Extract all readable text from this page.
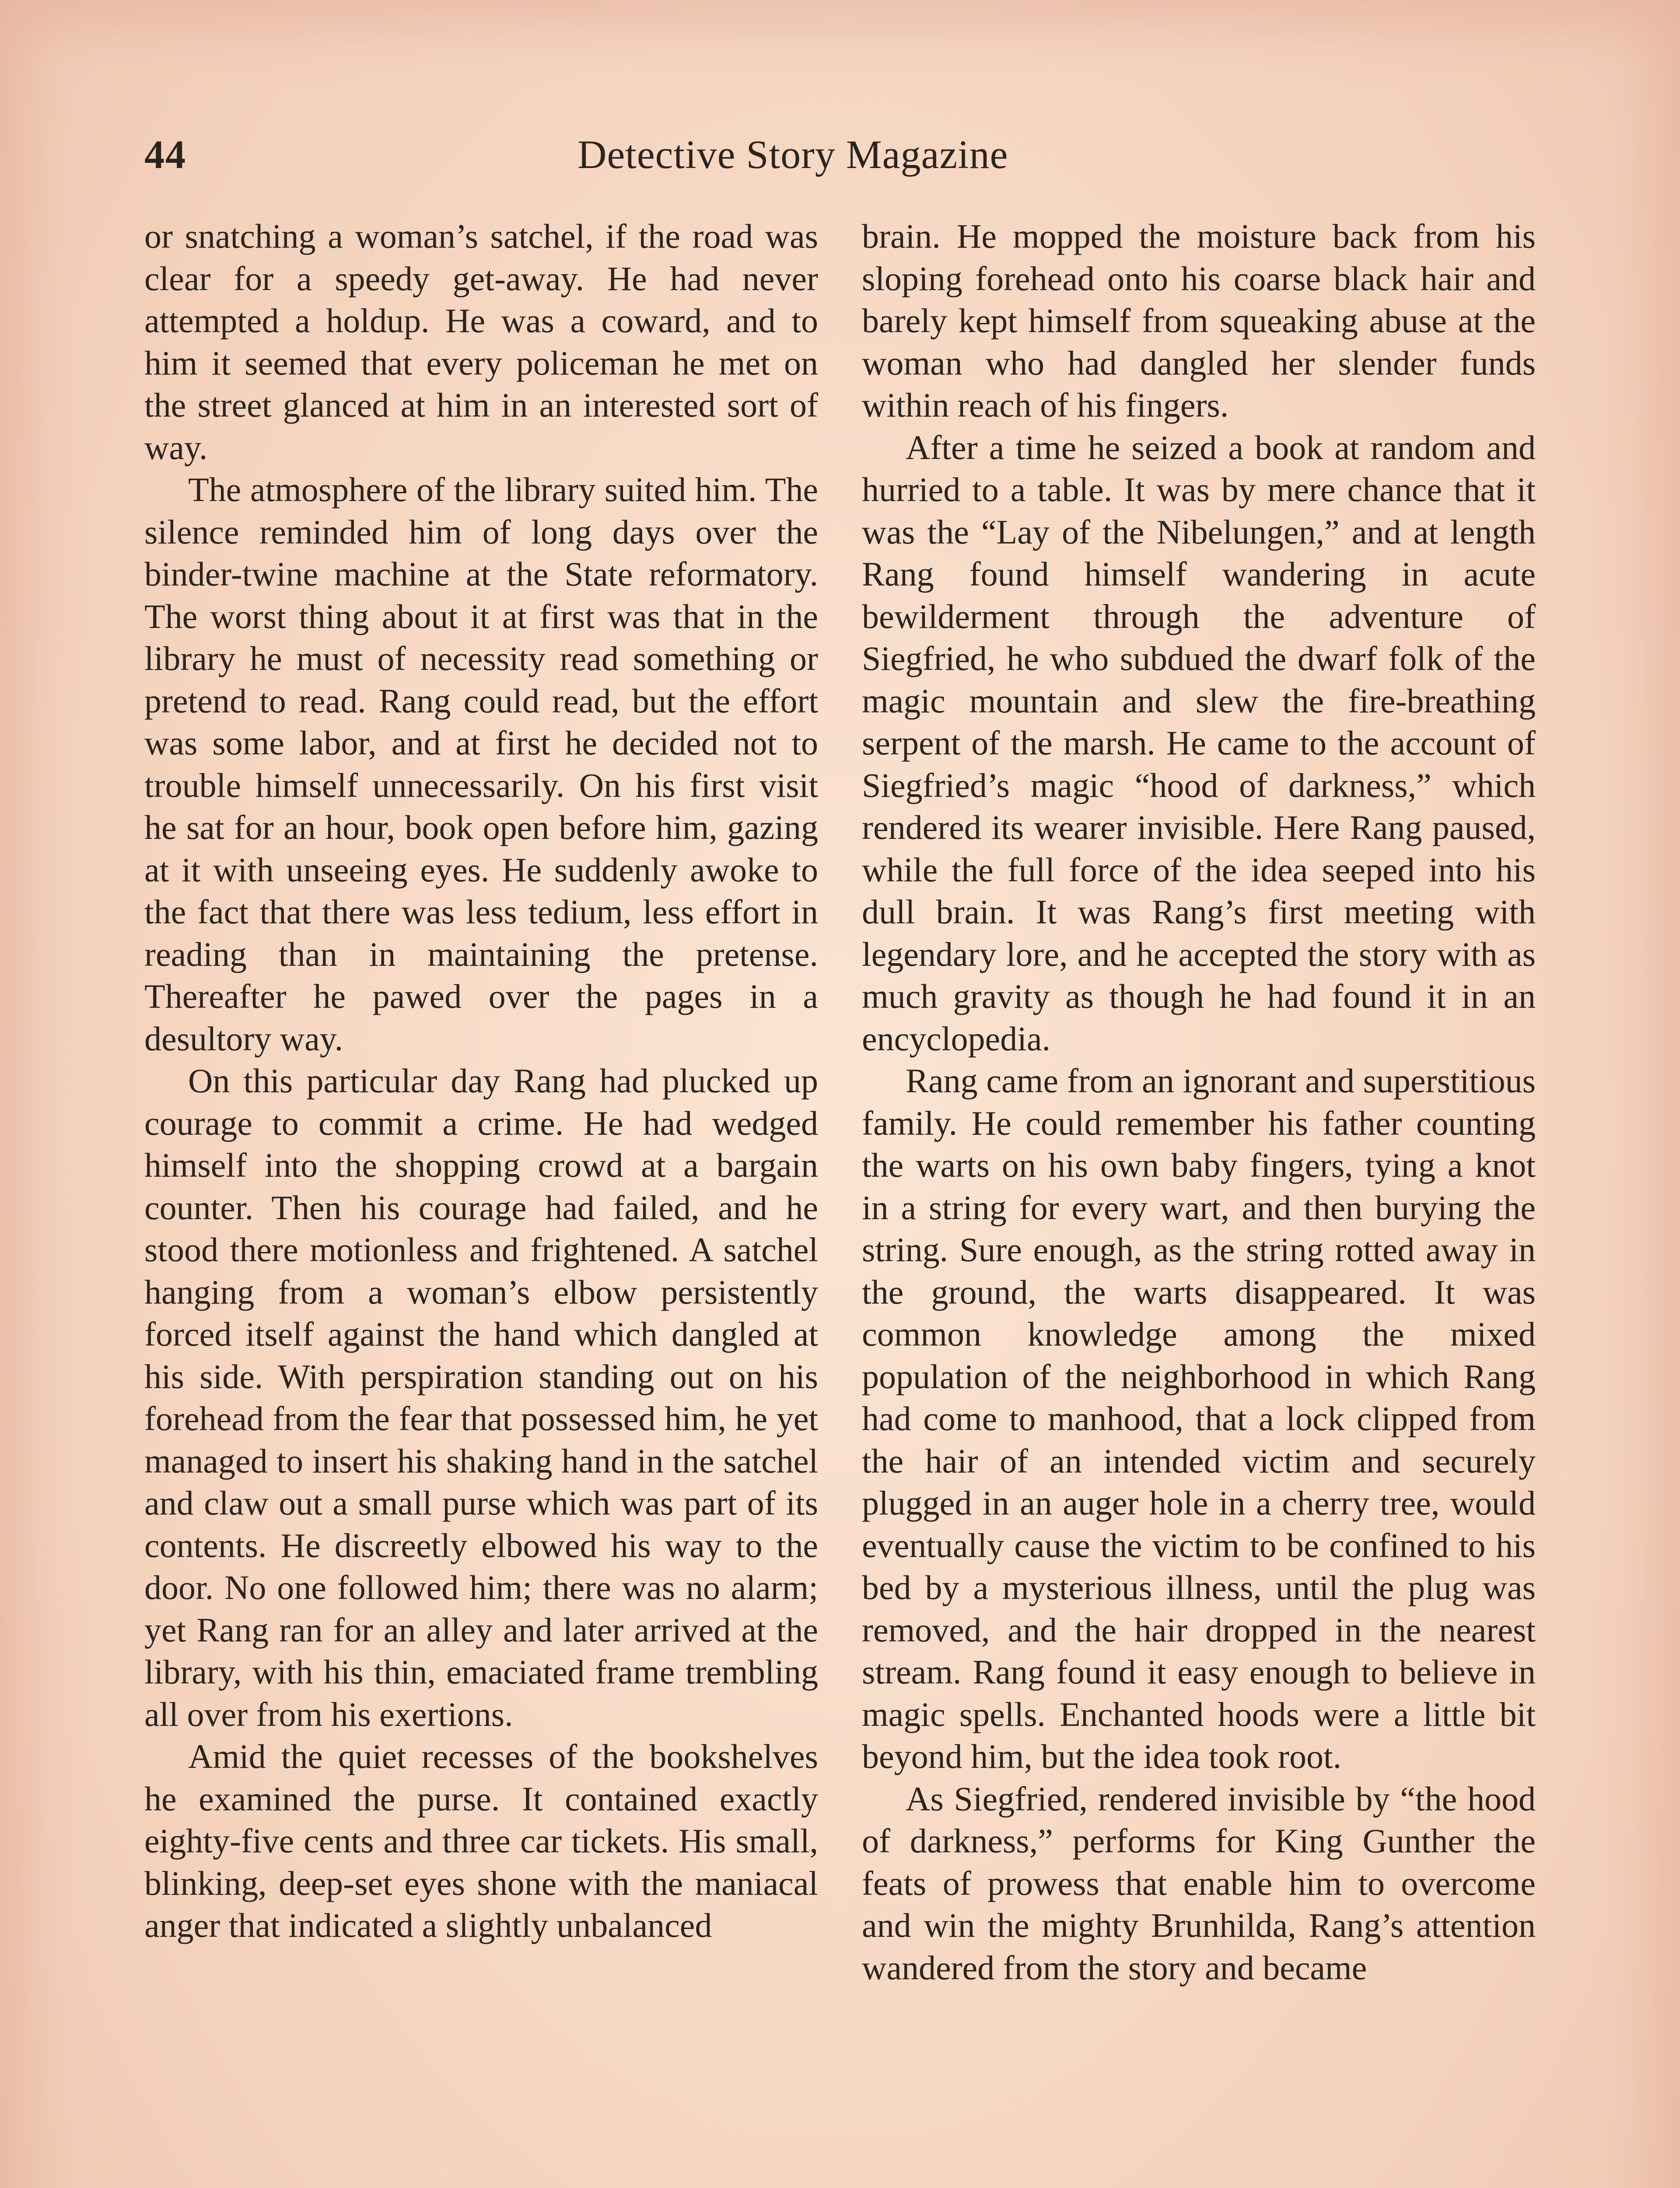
44	Detective Story Magazine

or snatching a woman’s satchel, if the road was clear for a speedy get-away. He had never attempted a holdup. He was a coward, and to him it seemed that every policeman he met on the street glanced at him in an interested sort of way.

The atmosphere of the library suited him. The silence reminded him of long days over the binder-twine machine at the State reformatory. The worst thing about it at first was that in the library he must of necessity read something or pretend to read. Rang could read, but the effort was some labor, and at first he decided not to trouble himself unnecessarily. On his first visit he sat for an hour, book open before him, gazing at it with unseeing eyes. He suddenly awoke to the fact that there was less tedium, less effort in reading than in maintaining the pretense. Thereafter he pawed over the pages in a desultory way.

On this particular day Rang had plucked up courage to commit a crime. He had wedged himself into the shopping crowd at a bargain counter. Then his courage had failed, and he stood there motionless and frightened. A satchel hanging from a woman’s elbow persistently forced itself against the hand which dangled at his side. With perspiration standing out on his forehead from the fear that possessed him, he yet managed to insert his shaking hand in the satchel and claw out a small purse which was part of its contents. He discreetly elbowed his way to the door. No one followed him; there was no alarm; yet Rang ran for an alley and later arrived at the library, with his thin, emaciated frame trembling all over from his exertions.

Amid the quiet recesses of the bookshelves he examined the purse. It contained exactly eighty-five cents and three car tickets. His small, blinking, deep-set eyes shone with the maniacal anger that indicated a slightly unbalanced

brain. He mopped the moisture back from his sloping forehead onto his coarse black hair and barely kept himself from squeaking abuse at the woman who had dangled her slender funds within reach of his fingers.

After a time he seized a book at random and hurried to a table. It was by mere chance that it was the “Lay of the Nibelungen,” and at length Rang found himself wandering in acute bewilderment through the adventure of Siegfried, he who subdued the dwarf folk of the magic mountain and slew the fire-breathing serpent of the marsh. He came to the account of Siegfried’s magic “hood of darkness,” which rendered its wearer invisible. Here Rang paused, while the full force of the idea seeped into his dull brain. It was Rang’s first meeting with legendary lore, and he accepted the story with as much gravity as though he had found it in an encyclopedia.

Rang came from an ignorant and superstitious family. He could remember his father counting the warts on his own baby fingers, tying a knot in a string for every wart, and then burying the string. Sure enough, as the string rotted away in the ground, the warts disappeared. It was common knowledge among the mixed population of the neighborhood in which Rang had come to manhood, that a lock clipped from the hair of an intended victim and securely plugged in an auger hole in a cherry tree, would eventually cause the victim to be confined to his bed by a mysterious illness, until the plug was removed, and the hair dropped in the nearest stream. Rang found it easy enough to believe in magic spells. Enchanted hoods were a little bit beyond him, but the idea took root.

As Siegfried, rendered invisible by “the hood of darkness,” performs for King Gunther the feats of prowess that enable him to overcome and win the mighty Brunhilda, Rang’s attention wandered from the story and became
